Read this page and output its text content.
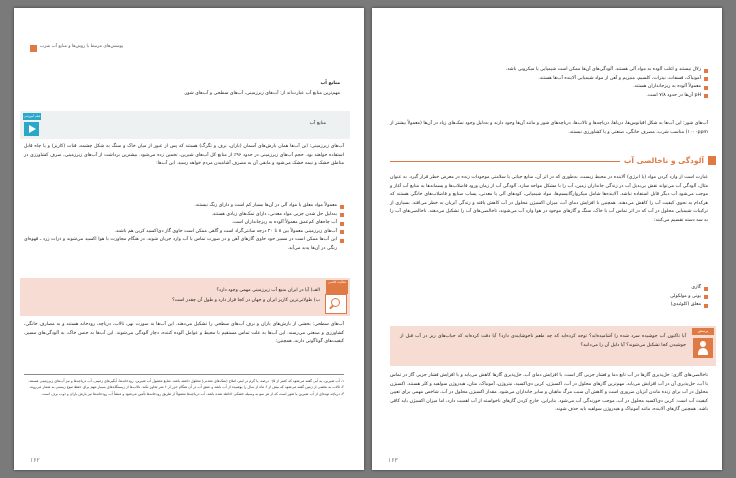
پوشش‌های مرتبط با روش‌ها و منابع آب شرب
منابع آب
مهم‌ترین منابع آب عبارت‌اند از: آب‌های زیرزمینی، آب‌های سطحی و آب‌های شور.
فیلم آموزشی
منابع آب
آب‌های زیرزمینی: این آب‌ها همان بارش‌های آسمان (باران، برف و تگرگ) هستند که پس از عبور از میان خاک و سنگ به شکل چشمه، قنات (کاریز) و یا چاه قابل استفاده خواهند بود. حجم آب‌های زیرزمینی در حدود ۹۶٪ از منابع کل آب‌های شیرین، تخمین زده می‌شود. بیشترین برداشت از آب‌های زیرزمینی، صرف کشاورزی در مناطق خشک و نیمه خشک می‌شود و مابقی آن به مصرف آشامیدن مردم خواهد رسید. این آب‌ها:
معمولاً مواد معلق یا مواد آلی در آن‌ها بسیار کم است و دارای رنگ نیستند.
به‌دلیل حل شدن جزیی مواد معدنی، دارای نمک‌های زیادی هستند.
آب چاه‌های کم‌عمق معمولاً آلوده به ریزجانداران است.
آب‌های زیرزمینی معمولاً بین ۸ تا ۲۰ درجه سانتی‌گراد است و گاهی ممکن است حاوی گاز دی‌اکسید کربن هم باشند.
این آب‌ها ممکن است در مسیر خود حاوی گازهای آهن و در صورت تماس با آب وارد جریان شوند. در هنگام مجاورت با هوا اکسید می‌شوند و ذرات زرد ـ قهوه‌ای رنگی در آن‌ها پدید می‌آید.
فعالیت کلاسی
الف) آیا در ایران منبع آب زیرزمینی مهمی وجود دارد؟
ب) طولانی‌ترین کاریز ایران و جهان در کجا قرار دارد و طول آن چقدر است؟
آب‌های سطحی: بخشی از بارش‌های باران و برف آب‌های سطحی را تشکیل می‌دهند. این آب‌ها به صورت نهر، تالاب، دریاچه، رودخانه هستند و به مصارف خانگی، کشاورزی و صنعتی می‌رسند. این آب‌ها به علت تماس مستقیم با محیط و عوامل آلوده کننده، دچار آلودگی می‌شوند. این آب‌ها به جنس خاک، به آلودگی‌های مسیر، کیفیت‌های گوناگونی دارند، همچنین:
۱ـ آب شیرین، به آبی گفته می‌شود که کمتر از ۰/۵ درصد، یا گرم در لیتر، املاح (نمک‌های معدنی) محلول داشته باشد. منابع معمول آب شیرین، رودخانه‌ها، آبگیرهای زمینی، آب دریاچه‌ها و نیز آب‌های زیرزمینی هستند.
۲ـ تالاب به بخشی از زمین گفته می‌شود که بیش از ۶ ماه از سال را پوشیده از آب باشد و عمق آب در آن هنگام جزر از ۶ متر تجاوز نکند. تالاب‌ها از زیستگاه‌های بسیار مهم برای حفظ تنوع زیستی به شمار می‌روند.
۳ـ دریاچه توده‌ای از آب شیرین یا شور است که از هر سو به وسیله خشکی احاطه شده باشد. آب دریاچه‌ها معمولاً از طریق رودخانه‌ها تأمین می‌شود و منشأ آب رودخانه‌ها نیز بارش باران و ذوب برف است.
۱۶۲
زلال نیستند و اغلب آلوده به مواد آلی هستند. آلودگی‌های آن‌ها ممکن است شیمیایی یا میکروبی باشد.
آمونیاک، فسفات، نیترات، کلسیم، منیزیم و آهن از مواد شیمیایی آلاینده آب‌ها هستند.
معمولاً آلوده به ریزجانداران هستند.
pH آن‌ها در حدود ۷/۸ است.
آب‌های شور: این آب‌ها به شکل اقیانوس‌ها، دریاها، دریاچه‌ها و تالاب‌ها، دریاچه‌های شور و مانند آن‌ها وجود دارند و به‌دلیل وجود نمک‌های زیاد در آن‌ها (معمولاً بیشتر از ۱۰۰۰ppm) مناسب شرب، مصرف خانگی، صنعتی و یا کشاورزی نیستند.
آلودگی و ناخالصی آب
عبارت است از وارد کردن مواد (یا انرژی) آلاینده در محیط زیست، به‌طوری که در اثر آن، منابع حیاتی یا سلامتی موجودات زنده در معرض خطر قرار گیرد. به عنوان مثال، آلودگی آب می‌تواند نقش بی‌بدیل آب در زندگی جانداران زمین، آب را با مشکل مواجه سازد. آلودگی آب از زمان ورود فاضلاب‌ها و پسماندها به منابع آب آغاز و موجب می‌شود آب دیگر قابل استفاده نباشد. آلاینده‌ها شامل میکروارگانیسم‌ها، مواد شیمیایی، کودهای آلی یا معدنی، پساب صنایع و فاضلاب‌های خانگی هستند که هرکدام به نحوی کیفیت آب را کاهش می‌دهند. همچنین با افزایش دمای آب، میزان اکسیژن محلول در آب کاهش یافته و زندگی آبزیان به خطر می‌افتد. بسیاری از ترکیبات شیمیایی محلول در آب که در اثر تماس آب با خاک، سنگ و گازهای موجود در هوا وارد آب می‌شوند، ناخالصی‌های آب را تشکیل می‌دهند. ناخالصی‌های آب را به سه دسته تقسیم می‌کنند:
گازی
یونی و مولکولی
معلق (کلوئیدی)
پرسش
آیا تاکنون آب جوشیده سرد شده را آشامیده‌اید؟ توجه کرده‌اید که چه طعم ناخوشایندی دارد؟ آیا دقت کرده‌اید که حباب‌های ریز در آب قبل از جوشیدن کجا تشکیل می‌شوند؟ آیا دلیل آن را می‌دانید؟
ناخالصی‌های گازی: حل‌پذیری گازها در آب تابع دما و فشار جزیی گاز است. با افزایش دمای آب، حل‌پذیری گازها کاهش می‌یابد و با افزایش فشار جزیی گاز در تماس با آب، حل‌پذیری آن در آب افزایش می‌یابد. مهم‌ترین گازهای محلول در آب، اکسیژن، کربن دی‌اکسید، نیتروژن، آمونیاک، متان، هیدروژن سولفید و کلر هستند. اکسیژن محلول در آب برای زنده ماندن آبزیان ضروری است و کاهش آن سبب مرگ ماهیان و سایر جانداران می‌شود. مقدار اکسیژن محلول در آب، شاخص مهمی برای تعیین کیفیت آب است. کربن دی‌اکسید محلول در آب، موجب خورندگی آب می‌شود. بنابراین، خارج کردن گازهای ناخواسته از آب اهمیت دارد، اما میزان اکسیژن باید کافی باشد. همچنین گازهای آلاینده، مانند آمونیاک و هیدروژن سولفید باید حذف شوند.
۱۶۳
